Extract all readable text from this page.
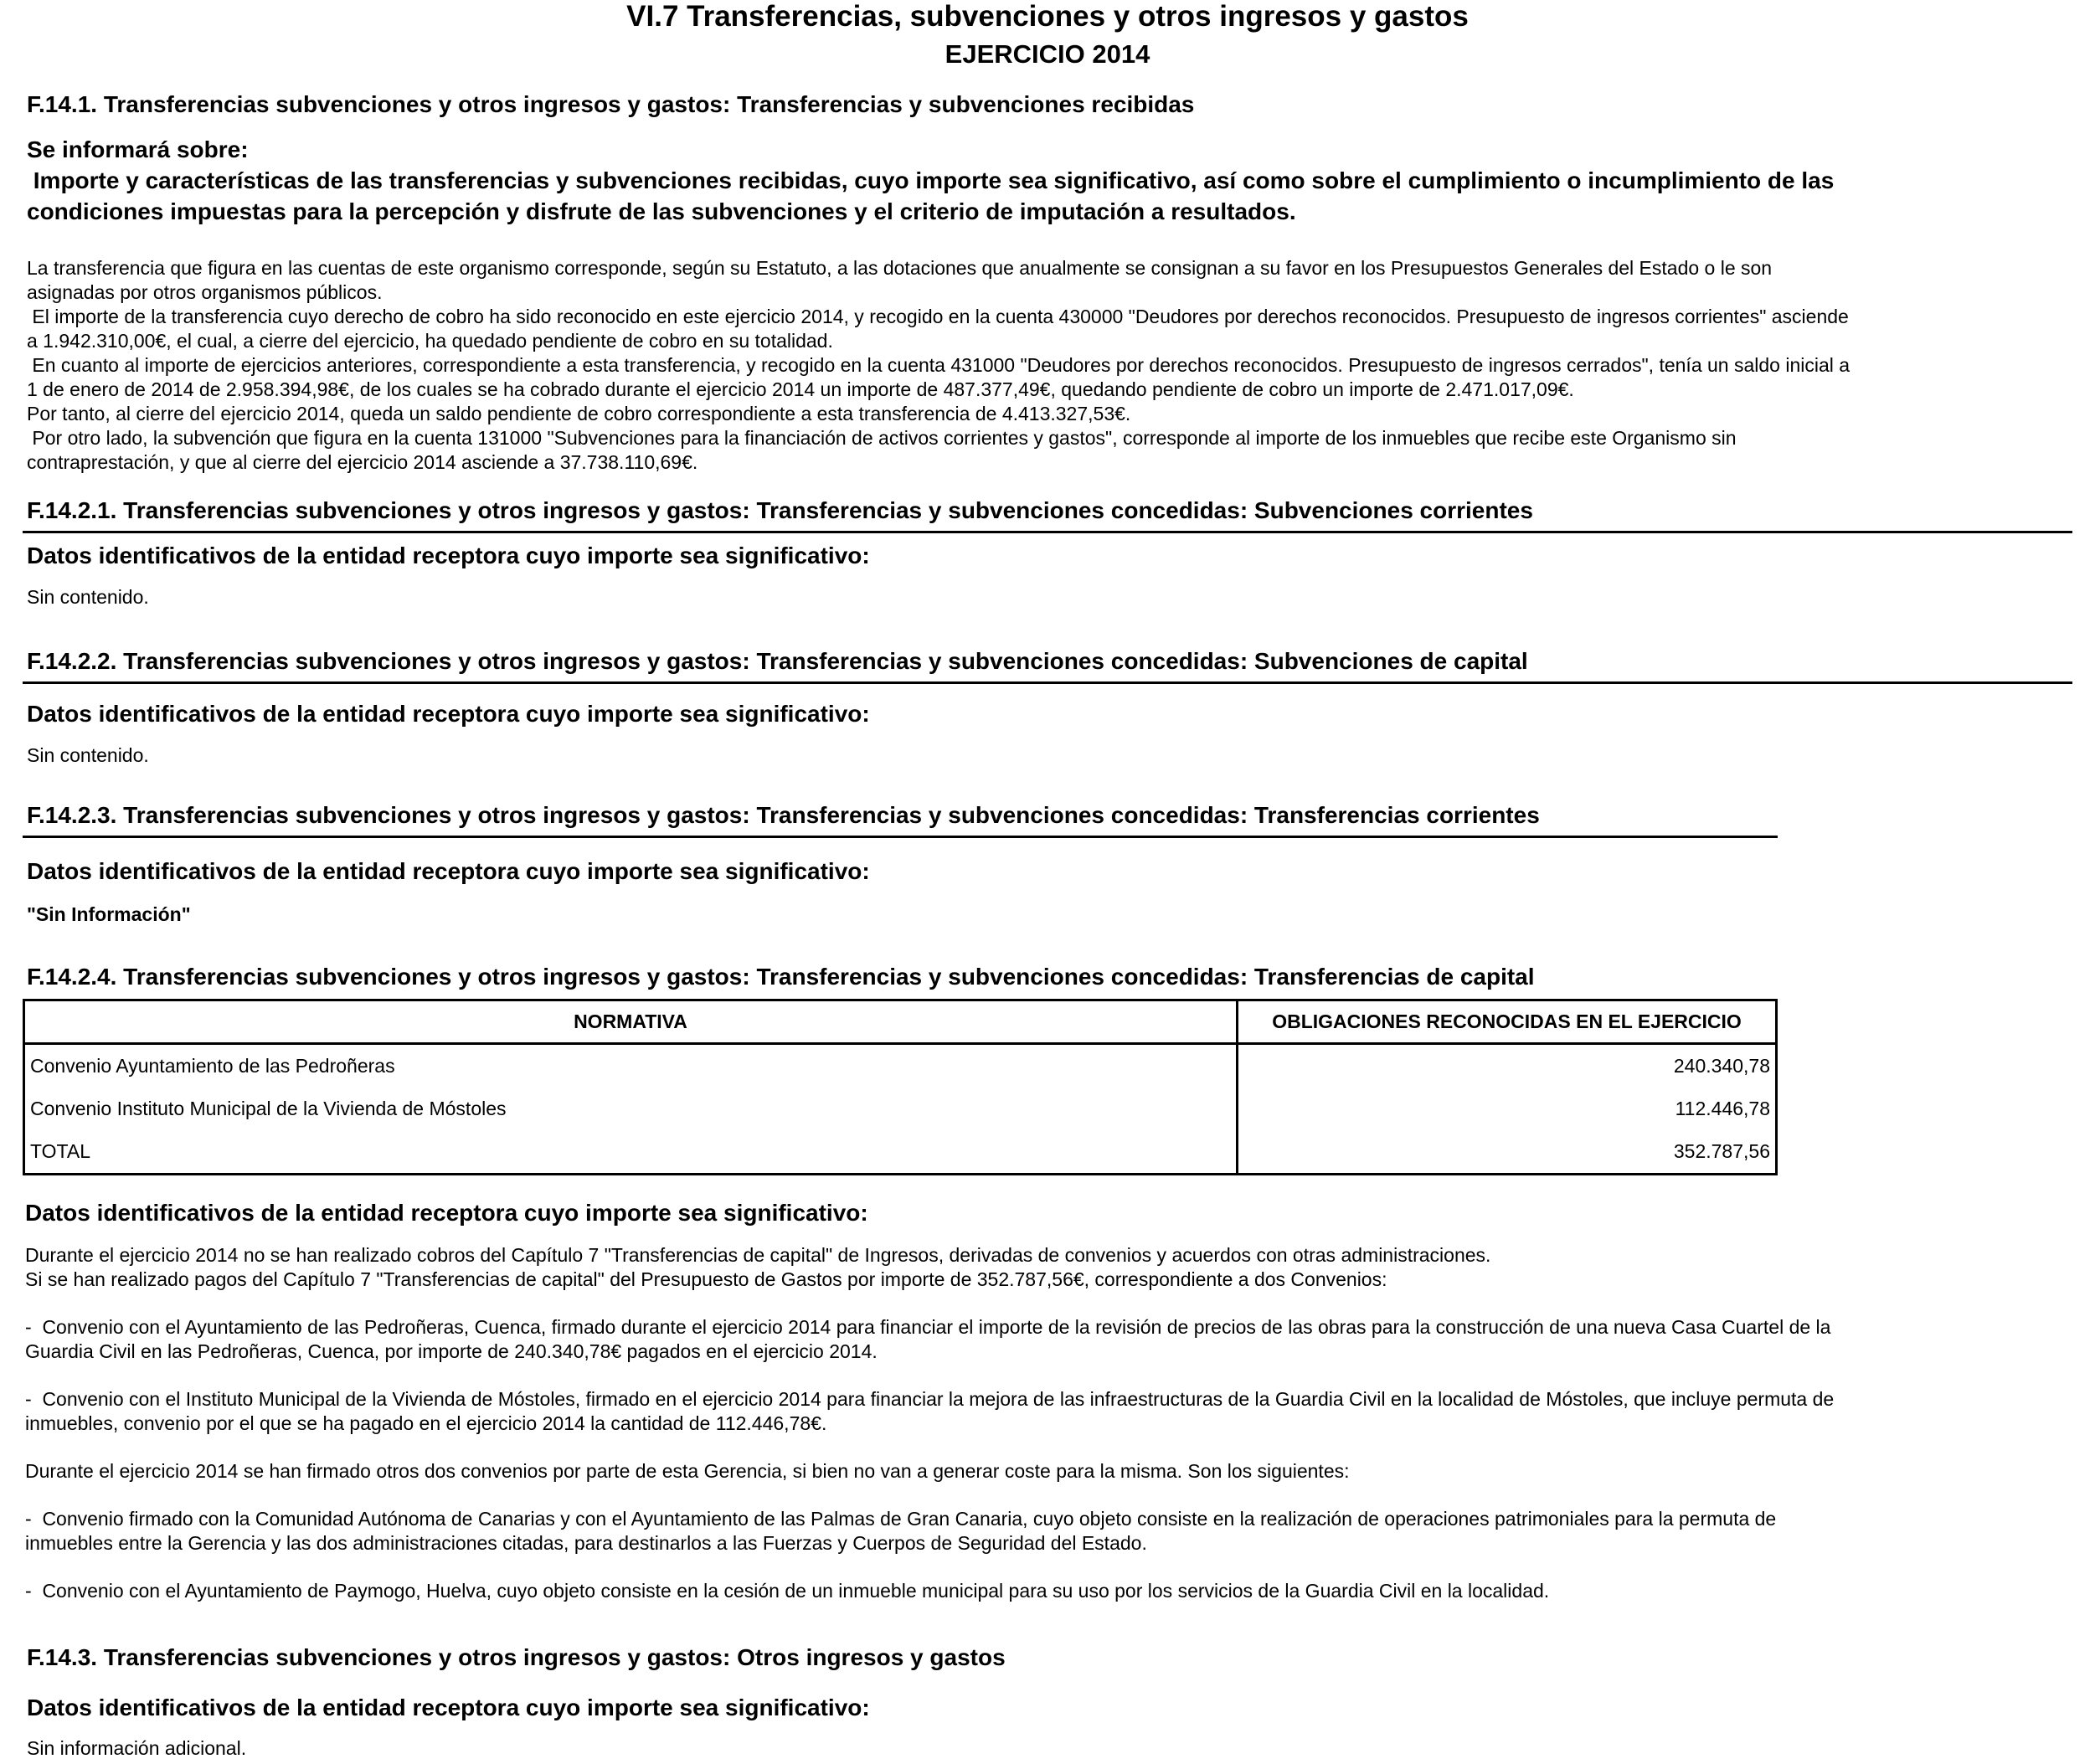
VI.7 Transferencias, subvenciones y otros ingresos y gastos
EJERCICIO 2014
F.14.1. Transferencias subvenciones y otros ingresos y gastos: Transferencias y subvenciones recibidas

Se informará sobre:

Importe y características de las transferencias y subvenciones recibidas, cuyo importe sea significativo, así como sobre el cumplimiento o incumplimiento de las

condiciones impuestas para la percepción y disfrute de las subvenciones y el criterio de imputación a resultados.

La transferencia que figura en las cuentas de este organismo corresponde, según su Estatuto, a las dotaciones que anualmente se consignan a su favor en los Presupuestos Generales del Estado o le son

asignadas por otros organismos públicos.

El importe de la transferencia cuyo derecho de cobro ha sido reconocido en este ejercicio 2014, y recogido en la cuenta 430000 "Deudores por derechos reconocidos. Presupuesto de ingresos corrientes" asciende

a 1.942.310,00€, el cual, a cierre del ejercicio, ha quedado pendiente de cobro en su totalidad.

En cuanto al importe de ejercicios anteriores, correspondiente a esta transferencia, y recogido en la cuenta 431000 "Deudores por derechos reconocidos. Presupuesto de ingresos cerrados", tenía un saldo inicial a

1 de enero de 2014 de 2.958.394,98€, de los cuales se ha cobrado durante el ejercicio 2014 un importe de 487.377,49€, quedando pendiente de cobro un importe de 2.471.017,09€.

Por tanto, al cierre del ejercicio 2014, queda un saldo pendiente de cobro correspondiente a esta transferencia de 4.413.327,53€.

Por otro lado, la subvención que figura en la cuenta 131000 "Subvenciones para la financiación de activos corrientes y gastos", corresponde al importe de los inmuebles que recibe este Organismo sin

contraprestación, y que al cierre del ejercicio 2014 asciende a 37.738.110,69€.

F.14.2.1. Transferencias subvenciones y otros ingresos y gastos: Transferencias y subvenciones concedidas: Subvenciones corrientes
Datos identificativos de la entidad receptora cuyo importe sea significativo:
Sin contenido.
F.14.2.2. Transferencias subvenciones y otros ingresos y gastos: Transferencias y subvenciones concedidas: Subvenciones de capital
Datos identificativos de la entidad receptora cuyo importe sea significativo:
Sin contenido.
F.14.2.3. Transferencias subvenciones y otros ingresos y gastos: Transferencias y subvenciones concedidas: Transferencias corrientes
Datos identificativos de la entidad receptora cuyo importe sea significativo:
"Sin Información"
F.14.2.4. Transferencias subvenciones y otros ingresos y gastos: Transferencias y subvenciones concedidas: Transferencias de capital
NORMATIVA	OBLIGACIONES RECONOCIDAS EN EL EJERCICIO
Convenio Ayuntamiento de las Pedroñeras	240.340,78
Convenio Instituto Municipal de la Vivienda de Móstoles	112.446,78
TOTAL	352.787,56
Datos identificativos de la entidad receptora cuyo importe sea significativo:

Durante el ejercicio 2014 no se han realizado cobros del Capítulo 7 "Transferencias de capital" de Ingresos, derivadas de convenios y acuerdos con otras administraciones.

Si se han realizado pagos del Capítulo 7 "Transferencias de capital" del Presupuesto de Gastos por importe de 352.787,56€, correspondiente a dos Convenios:

-  Convenio con el Ayuntamiento de las Pedroñeras, Cuenca, firmado durante el ejercicio 2014 para financiar el importe de la revisión de precios de las obras para la construcción de una nueva Casa Cuartel de la

Guardia Civil en las Pedroñeras, Cuenca, por importe de 240.340,78€ pagados en el ejercicio 2014.

-  Convenio con el Instituto Municipal de la Vivienda de Móstoles, firmado en el ejercicio 2014 para financiar la mejora de las infraestructuras de la Guardia Civil en la localidad de Móstoles, que incluye permuta de

inmuebles, convenio por el que se ha pagado en el ejercicio 2014 la cantidad de 112.446,78€.

Durante el ejercicio 2014 se han firmado otros dos convenios por parte de esta Gerencia, si bien no van a generar coste para la misma. Son los siguientes:

-  Convenio firmado con la Comunidad Autónoma de Canarias y con el Ayuntamiento de las Palmas de Gran Canaria, cuyo objeto consiste en la realización de operaciones patrimoniales para la permuta de

inmuebles entre la Gerencia y las dos administraciones citadas, para destinarlos a las Fuerzas y Cuerpos de Seguridad del Estado.

-  Convenio con el Ayuntamiento de Paymogo, Huelva, cuyo objeto consiste en la cesión de un inmueble municipal para su uso por los servicios de la Guardia Civil en la localidad.

F.14.3. Transferencias subvenciones y otros ingresos y gastos: Otros ingresos y gastos
Datos identificativos de la entidad receptora cuyo importe sea significativo:
Sin información adicional.
